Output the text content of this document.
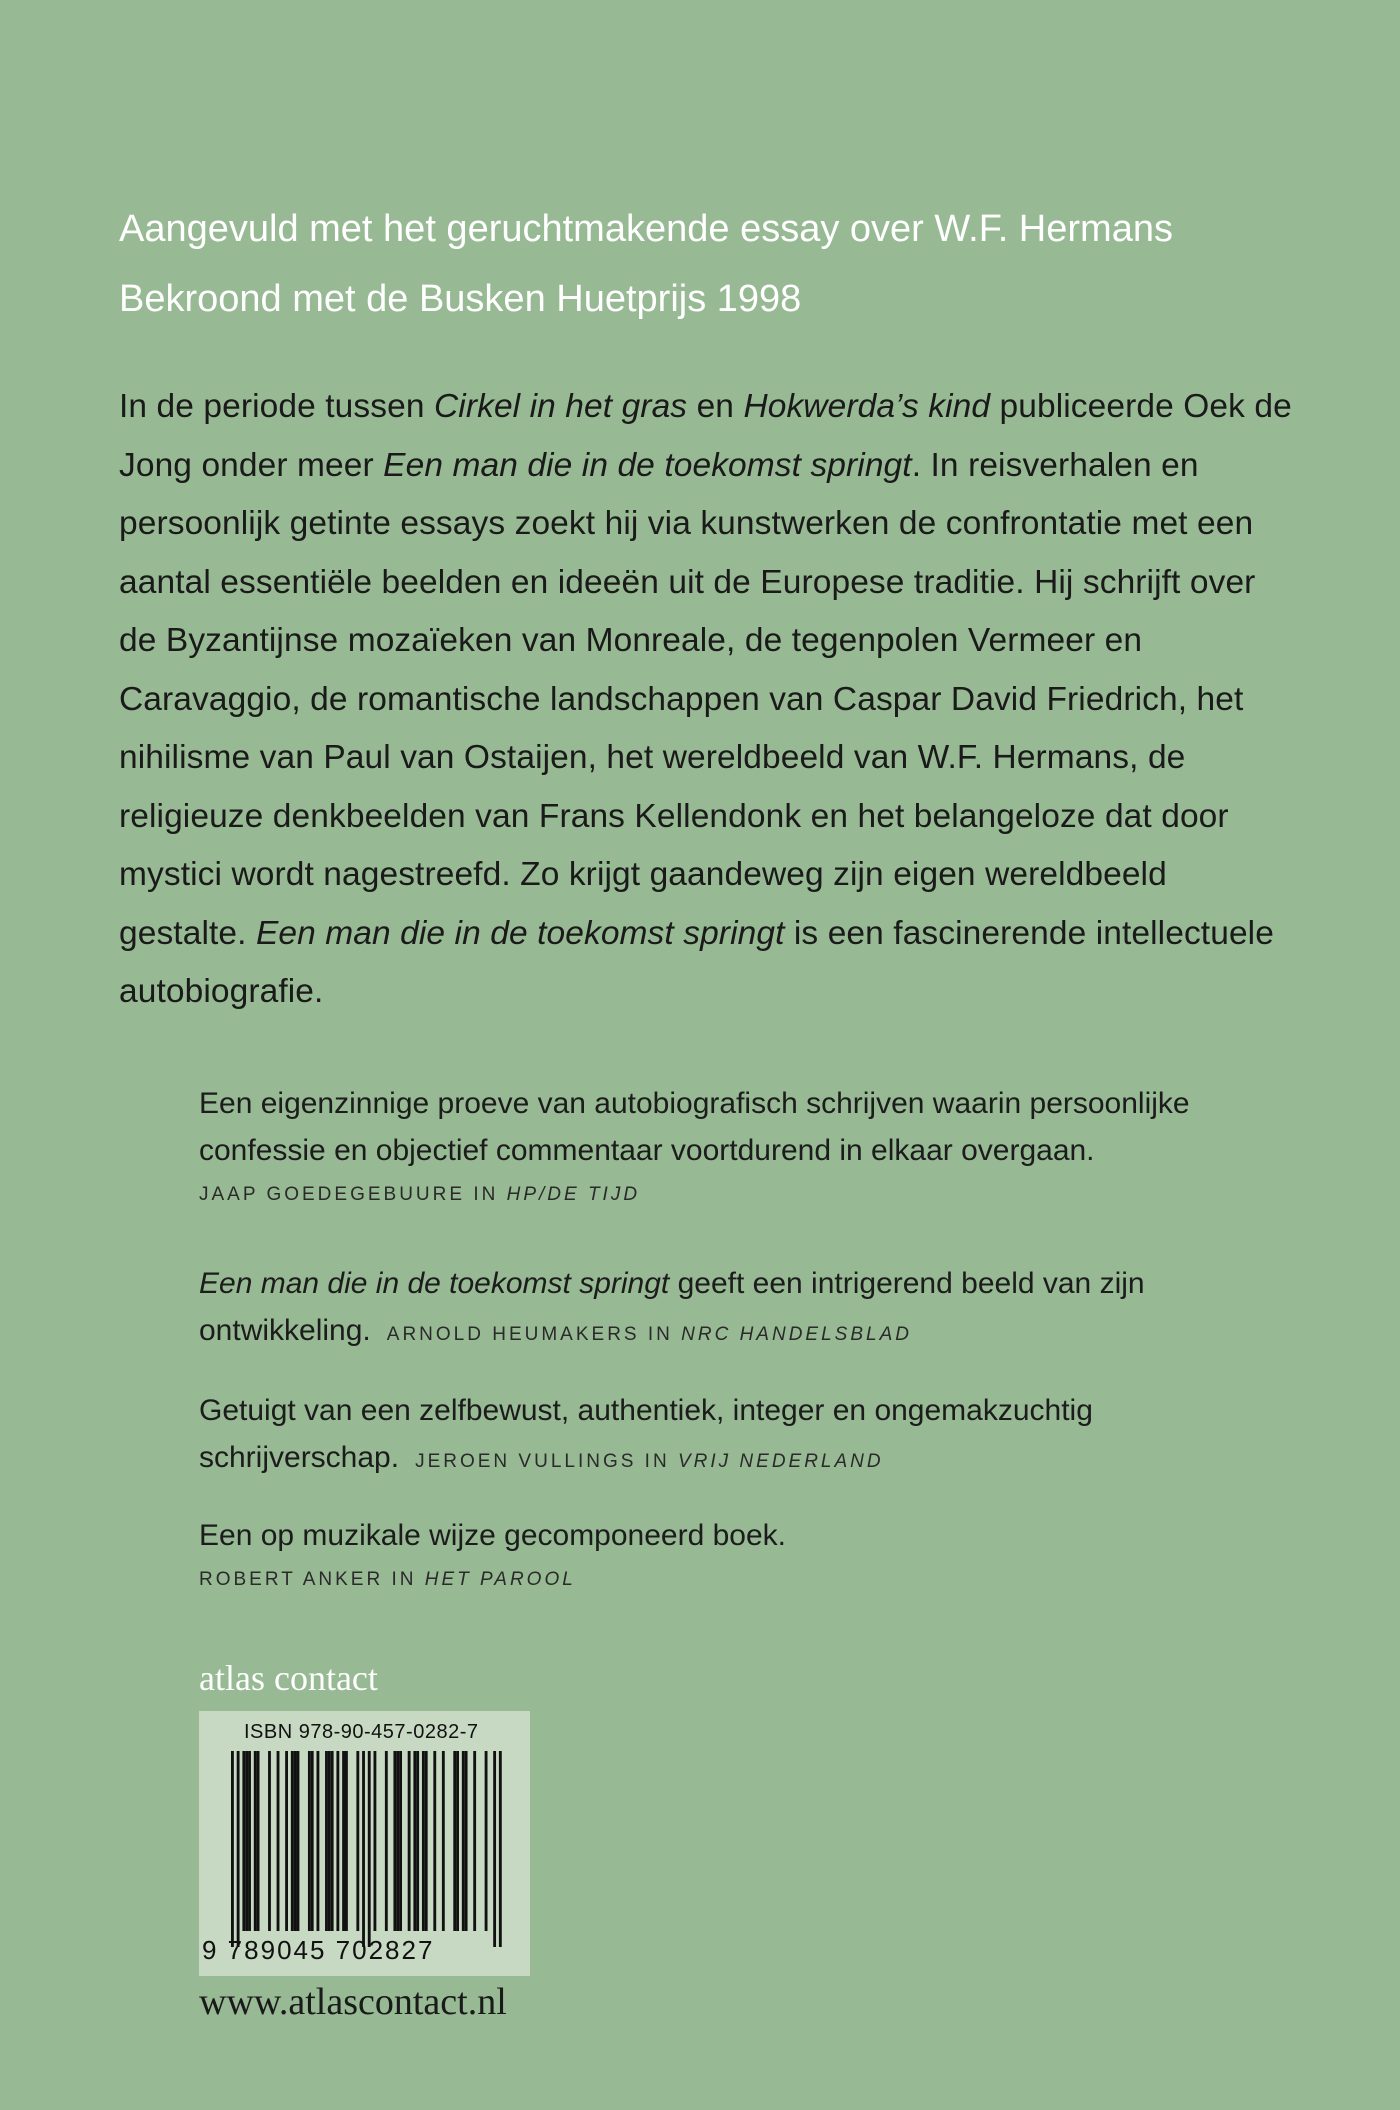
Aangevuld met het geruchtmakende essay over W.F. Hermans
Bekroond met de Busken Huetprijs 1998
In de periode tussen Cirkel in het gras en Hokwerda’s kind publiceerde Oek de Jong onder meer Een man die in de toekomst springt. In reisverhalen en persoonlijk getinte essays zoekt hij via kunstwerken de confrontatie met een aantal essentiële beelden en ideeën uit de Europese traditie. Hij schrijft over de Byzantijnse mozaïeken van Monreale, de tegenpolen Vermeer en Caravaggio, de romantische landschappen van Caspar David Friedrich, het nihilisme van Paul van Ostaijen, het wereldbeeld van W.F. Hermans, de religieuze denkbeelden van Frans Kellendonk en het belangeloze dat door mystici wordt nagestreefd. Zo krijgt gaandeweg zijn eigen wereldbeeld gestalte. Een man die in de toekomst springt is een fascinerende intellectuele autobiografie.
Een eigenzinnige proeve van autobiografisch schrijven waarin persoonlijke confessie en objectief commentaar voortdurend in elkaar overgaan.
JAAP GOEDEGEBUURE IN HP/DE TIJD
Een man die in de toekomst springt geeft een intrigerend beeld van zijn ontwikkeling. ARNOLD HEUMAKERS IN NRC HANDELSBLAD
Getuigt van een zelfbewust, authentiek, integer en ongemakzuchtig schrijverschap. JEROEN VULLINGS IN VRIJ NEDERLAND
Een op muzikale wijze gecomponeerd boek.
ROBERT ANKER IN HET PAROOL
atlas contact
ISBN 978-90-457-0282-7
9 789045 702827
www.atlascontact.nl
